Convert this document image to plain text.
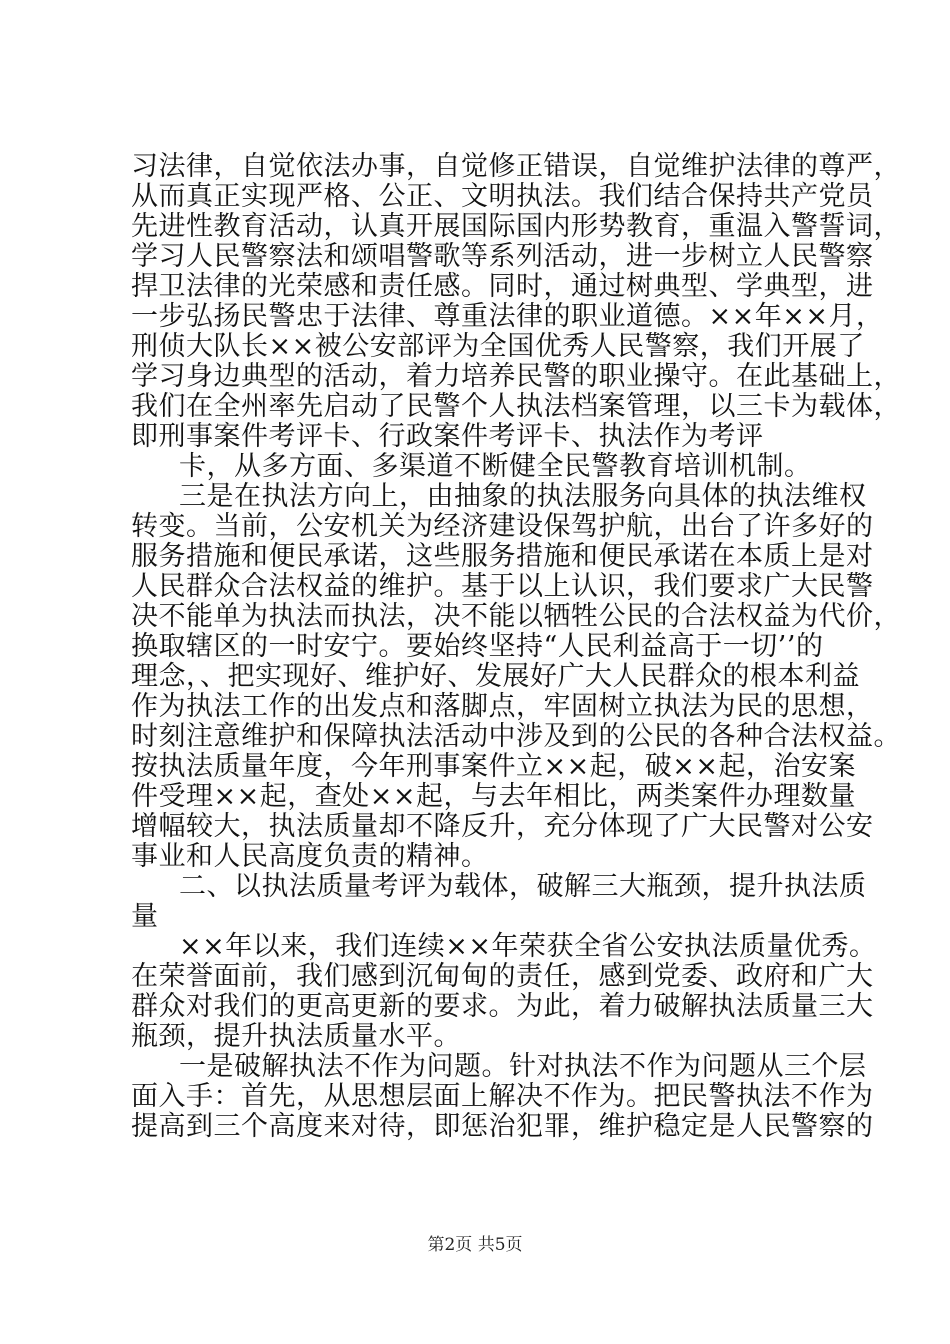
习法律，自觉依法办事，自觉修正错误，自觉维护法律的尊严，
从而真正实现严格、公正、文明执法。我们结合保持共产党员
先进性教育活动，认真开展国际国内形势教育，重温入警誓词，
学习人民警察法和颂唱警歌等系列活动，进一步树立人民警察
捍卫法律的光荣感和责任感。同时，通过树典型、学典型，进
一步弘扬民警忠于法律、尊重法律的职业道德。××年××月，
刑侦大队长××被公安部评为全国优秀人民警察，我们开展了
学习身边典型的活动，着力培养民警的职业操守。在此基础上，
我们在全州率先启动了民警个人执法档案管理，以三卡为载体，
即刑事案件考评卡、行政案件考评卡、执法作为考评
卡，从多方面、多渠道不断健全民警教育培训机制。
三是在执法方向上，由抽象的执法服务向具体的执法维权
转变。当前，公安机关为经济建设保驾护航，出台了许多好的
服务措施和便民承诺，这些服务措施和便民承诺在本质上是对
人民群众合法权益的维护。基于以上认识，我们要求广大民警
决不能单为执法而执法，决不能以牺牲公民的合法权益为代价，
换取辖区的一时安宁。要始终坚持“人民利益高于一切’’的
理念，、把实现好、维护好、发展好广大人民群众的根本利益
作为执法工作的出发点和落脚点，牢固树立执法为民的思想，
时刻注意维护和保障执法活动中涉及到的公民的各种合法权益。
按执法质量年度，今年刑事案件立××起，破××起，治安案
件受理××起，查处××起，与去年相比，两类案件办理数量
增幅较大，执法质量却不降反升，充分体现了广大民警对公安
事业和人民高度负责的精神。
二、以执法质量考评为载体，破解三大瓶颈，提升执法质
量
××年以来，我们连续××年荣获全省公安执法质量优秀。
在荣誉面前，我们感到沉甸甸的责任，感到党委、政府和广大
群众对我们的更高更新的要求。为此，着力破解执法质量三大
瓶颈，提升执法质量水平。
一是破解执法不作为问题。针对执法不作为问题从三个层
面入手：首先，从思想层面上解决不作为。把民警执法不作为
提高到三个高度来对待，即惩治犯罪，维护稳定是人民警察的
第2页 共5页
